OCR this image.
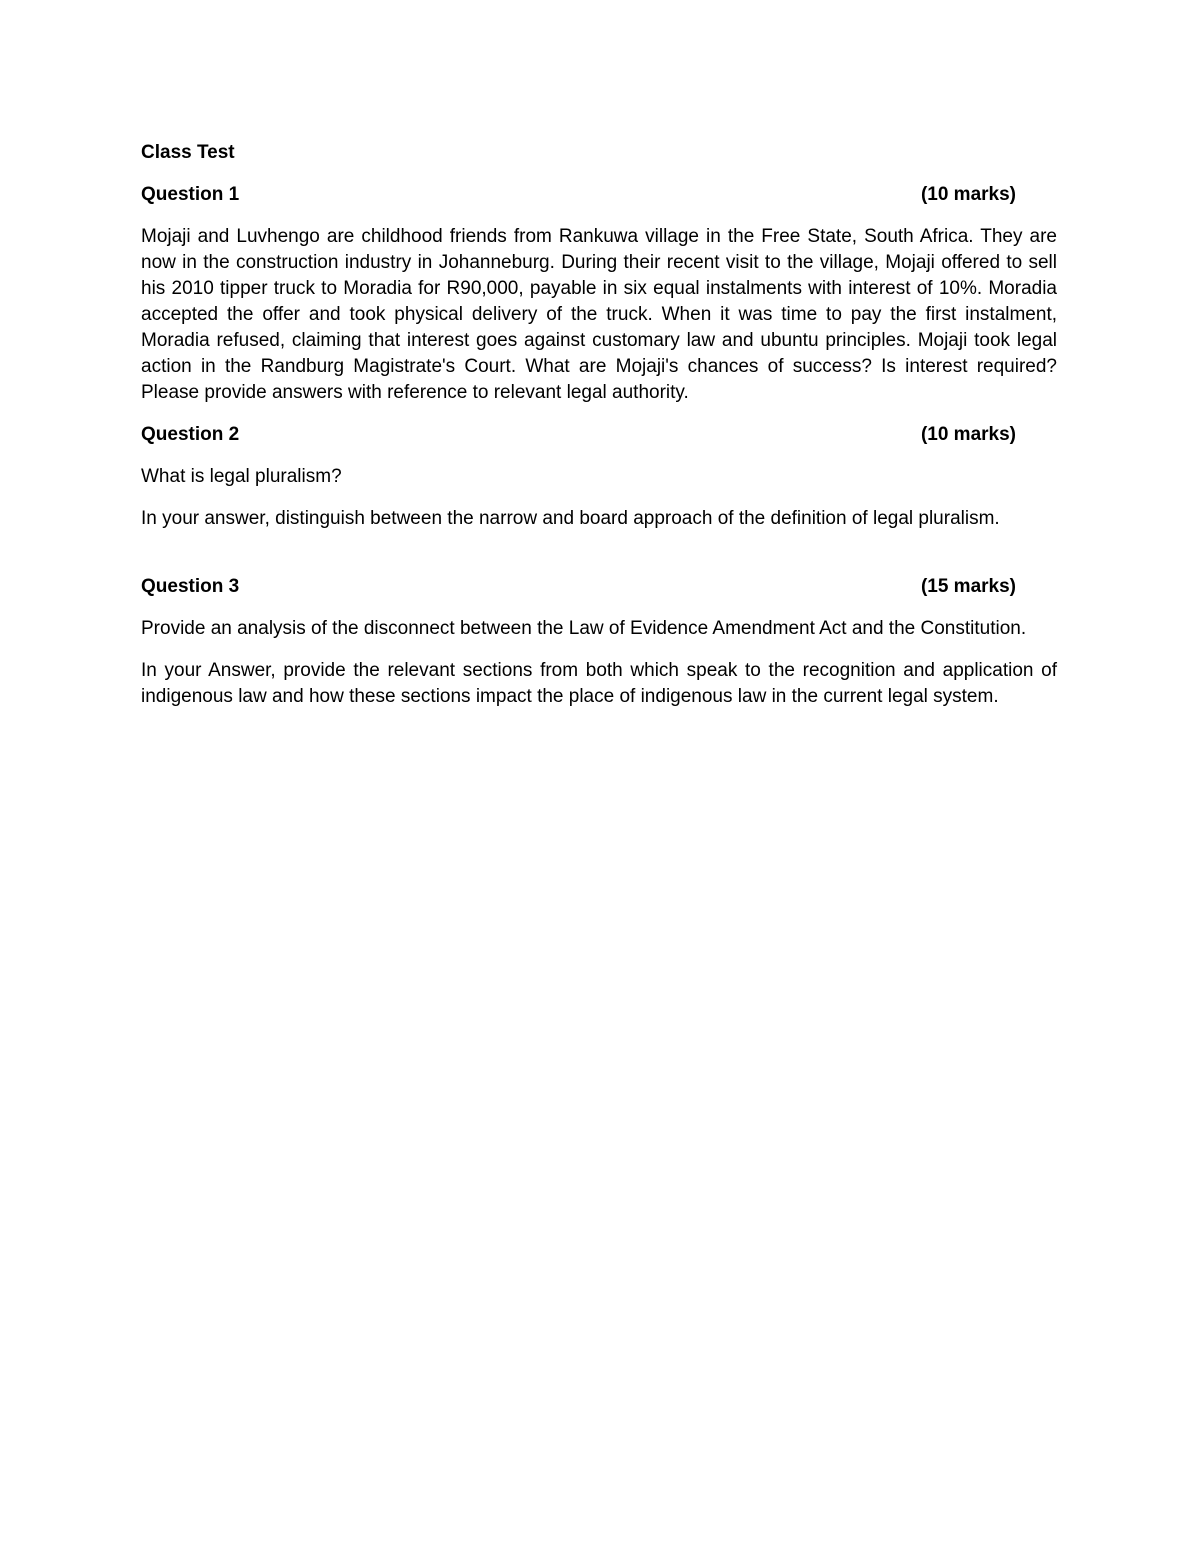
Class Test
Question 1	(10 marks)

Mojaji and Luvhengo are childhood friends from Rankuwa village in the Free State, South Africa. They are now in the construction industry in Johanneburg. During their recent visit to the village, Mojaji offered to sell his 2010 tipper truck to Moradia for R90,000, payable in six equal instalments with interest of 10%. Moradia accepted the offer and took physical delivery of the truck. When it was time to pay the first instalment, Moradia refused, claiming that interest goes against customary law and ubuntu principles. Mojaji took legal action in the Randburg Magistrate's Court. What are Mojaji's chances of success? Is interest required? Please provide answers with reference to relevant legal authority.

Question 2	(10 marks)

What is legal pluralism?

In your answer, distinguish between the narrow and board approach of the definition of legal pluralism.

Question 3	(15 marks)

Provide an analysis of the disconnect between the Law of Evidence Amendment Act and the Constitution.

In your Answer, provide the relevant sections from both which speak to the recognition and application of indigenous law and how these sections impact the place of indigenous law in the current legal system.
